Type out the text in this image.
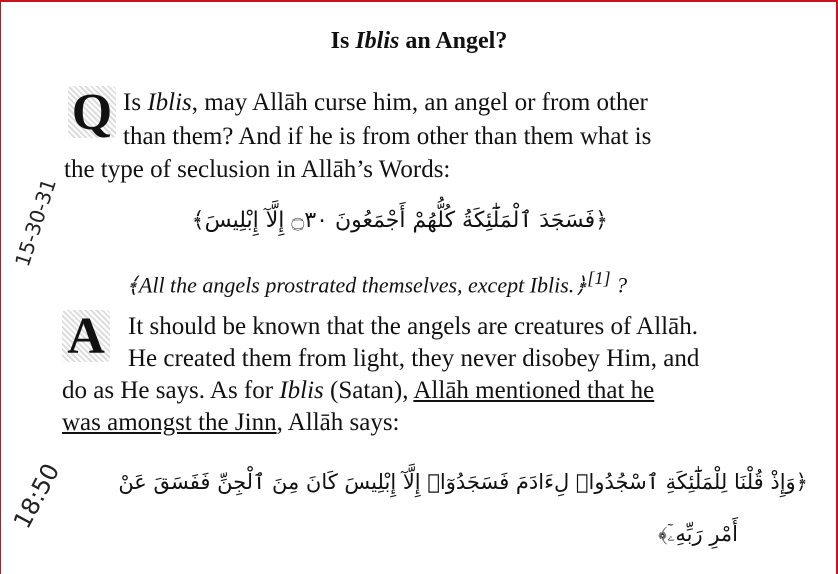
Is Iblis an Angel?
Q Is Iblis, may Allāh curse him, an angel or from other
than them? And if he is from other than them what is
the type of seclusion in Allāh’s Words:
﴿فَسَجَدَ ٱلْمَلَٰٓئِكَةُ كُلُّهُمْ أَجْمَعُونَ ۝٣٠ إِلَّآ إِبْلِيسَ﴾
﴾All the angels prostrated themselves, except Iblis.﴿[1] ?
A It should be known that the angels are creatures of Allāh.
He created them from light, they never disobey Him, and
do as He says. As for Iblis (Satan), Allāh mentioned that he
was amongst the Jinn, Allāh says:
﴿وَإِذْ قُلْنَا لِلْمَلَٰٓئِكَةِ ٱسْجُدُوا۟ لِءَادَمَ فَسَجَدُوٓا۟ إِلَّآ إِبْلِيسَ كَانَ مِنَ ٱلْجِنِّ فَفَسَقَ عَنْ
أَمْرِ رَبِّهِۦٓ﴾
15-30-31
18:50
